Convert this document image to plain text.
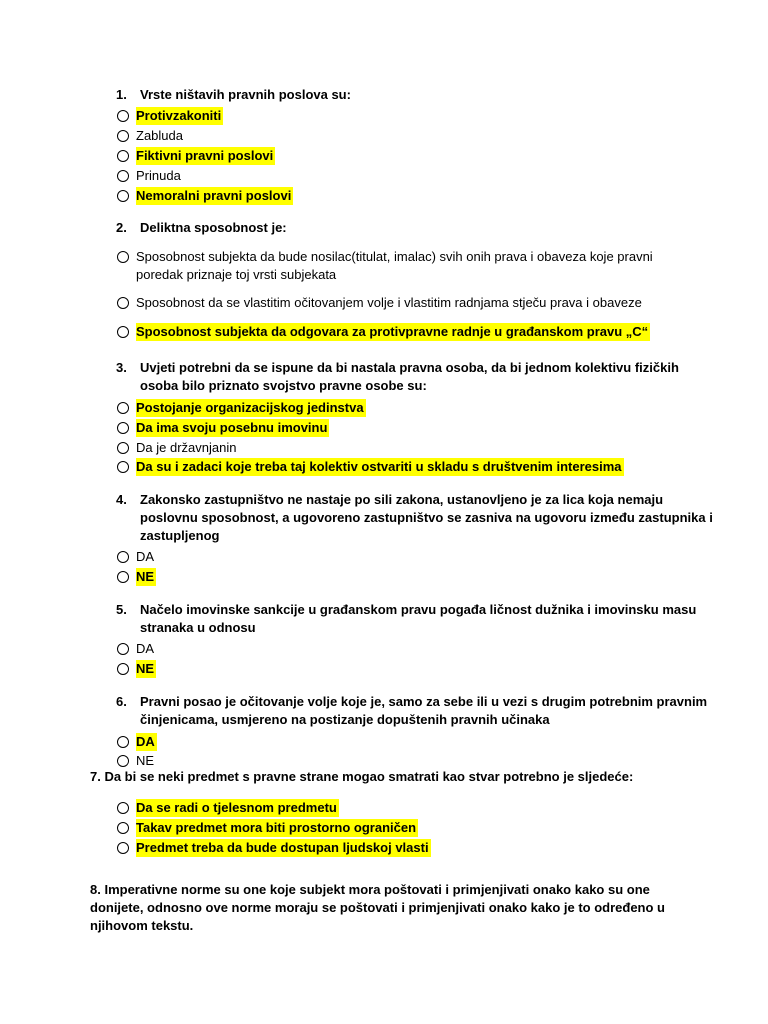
1. Vrste ništavih pravnih poslova su:
Protivzakoniti
Zabluda
Fiktivni pravni poslovi
Prinuda
Nemoralni pravni poslovi
2. Deliktna sposobnost je:
Sposobnost subjekta da bude nosilac(titulat, imalac) svih onih prava i obaveza koje pravni
poredak priznaje toj vrsti subjekata
Sposobnost da se vlastitim očitovanjem volje i vlastitim radnjama stječu prava i obaveze
Sposobnost subjekta da odgovara za protivpravne radnje u građanskom pravu „C“
3. Uvjeti potrebni da se ispune da bi nastala pravna osoba, da bi jednom kolektivu fizičkih
osoba bilo priznato svojstvo pravne osobe su:
Postojanje organizacijskog jedinstva
Da ima svoju posebnu imovinu
Da je državnjanin
Da su i zadaci koje treba taj kolektiv ostvariti u skladu s društvenim interesima
4. Zakonsko zastupništvo ne nastaje po sili zakona, ustanovljeno je za lica koja nemaju
poslovnu sposobnost, a ugovoreno zastupništvo se zasniva na ugovoru između zastupnika i
zastupljenog
DA
NE
5. Načelo imovinske sankcije u građanskom pravu pogađa ličnost dužnika i imovinsku masu
stranaka u odnosu
DA
NE
6. Pravni posao je očitovanje volje koje je, samo za sebe ili u vezi s drugim potrebnim pravnim
činjenicama, usmjereno na postizanje dopuštenih pravnih učinaka
DA
NE
7. Da bi se neki predmet s pravne strane mogao smatrati kao stvar potrebno je sljedeće:
Da se radi o tjelesnom predmetu
Takav predmet mora biti prostorno ograničen
Predmet treba da bude dostupan ljudskoj vlasti
8. Imperativne norme su one koje subjekt mora poštovati i primjenjivati onako kako su one
donijete, odnosno ove norme moraju se poštovati i primjenjivati onako kako je to određeno u
njihovom tekstu.
